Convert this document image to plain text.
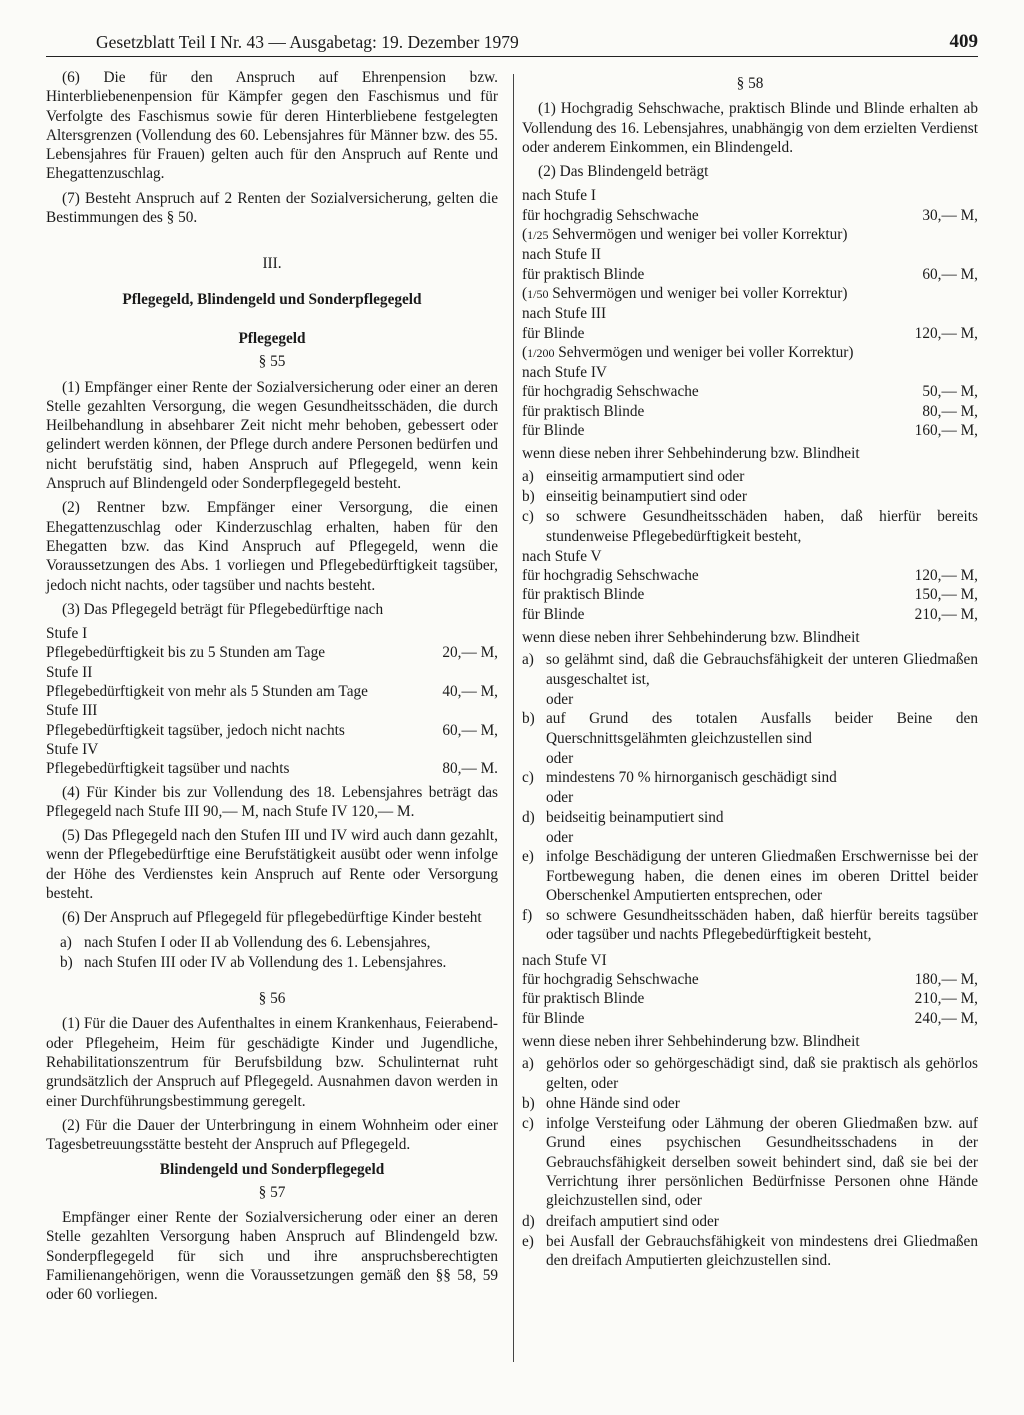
Gesetzblatt Teil I Nr. 43 — Ausgabetag: 19. Dezember 1979	409

(6) Die für den Anspruch auf Ehrenpension bzw. Hinterbliebenenpension für Kämpfer gegen den Faschismus und für Verfolgte des Faschismus sowie für deren Hinterbliebene festgelegten Altersgrenzen (Vollendung des 60. Lebensjahres für Männer bzw. des 55. Lebensjahres für Frauen) gelten auch für den Anspruch auf Rente und Ehegattenzuschlag.

(7) Besteht Anspruch auf 2 Renten der Sozialversicherung, gelten die Bestimmungen des § 50.

III.
Pflegegeld, Blindengeld und Sonderpflegegeld
Pflegegeld
§ 55

(1) Empfänger einer Rente der Sozialversicherung oder einer an deren Stelle gezahlten Versorgung, die wegen Gesundheitsschäden, die durch Heilbehandlung in absehbarer Zeit nicht mehr behoben, gebessert oder gelindert werden können, der Pflege durch andere Personen bedürfen und nicht berufstätig sind, haben Anspruch auf Pflegegeld, wenn kein Anspruch auf Blindengeld oder Sonderpflegegeld besteht.

(2) Rentner bzw. Empfänger einer Versorgung, die einen Ehegattenzuschlag oder Kinderzuschlag erhalten, haben für den Ehegatten bzw. das Kind Anspruch auf Pflegegeld, wenn die Voraussetzungen des Abs. 1 vorliegen und Pflegebedürftigkeit tagsüber, jedoch nicht nachts, oder tagsüber und nachts besteht.

(3) Das Pflegegeld beträgt für Pflegebedürftige nach

Stufe I
Pflegebedürftigkeit bis zu 5 Stunden am Tage	20,— M,
Stufe II
Pflegebedürftigkeit von mehr als 5 Stunden am Tage	40,— M,
Stufe III
Pflegebedürftigkeit tagsüber, jedoch nicht nachts	60,— M,
Stufe IV
Pflegebedürftigkeit tagsüber und nachts	80,— M.

(4) Für Kinder bis zur Vollendung des 18. Lebensjahres beträgt das Pflegegeld nach Stufe III 90,— M, nach Stufe IV 120,— M.

(5) Das Pflegegeld nach den Stufen III und IV wird auch dann gezahlt, wenn der Pflegebedürftige eine Berufstätigkeit ausübt oder wenn infolge der Höhe des Verdienstes kein Anspruch auf Rente oder Versorgung besteht.

(6) Der Anspruch auf Pflegegeld für pflegebedürftige Kinder besteht

a) nach Stufen I oder II ab Vollendung des 6. Lebensjahres,
b) nach Stufen III oder IV ab Vollendung des 1. Lebensjahres.
§ 56

(1) Für die Dauer des Aufenthaltes in einem Krankenhaus, Feierabend- oder Pflegeheim, Heim für geschädigte Kinder und Jugendliche, Rehabilitationszentrum für Berufsbildung bzw. Schulinternat ruht grundsätzlich der Anspruch auf Pflegegeld. Ausnahmen davon werden in einer Durchführungsbestimmung geregelt.

(2) Für die Dauer der Unterbringung in einem Wohnheim oder einer Tagesbetreuungsstätte besteht der Anspruch auf Pflegegeld.

Blindengeld und Sonderpflegegeld
§ 57

Empfänger einer Rente der Sozialversicherung oder einer an deren Stelle gezahlten Versorgung haben Anspruch auf Blindengeld bzw. Sonderpflegegeld für sich und ihre anspruchsberechtigten Familienangehörigen, wenn die Voraussetzungen gemäß den §§ 58, 59 oder 60 vorliegen.

§ 58

(1) Hochgradig Sehschwache, praktisch Blinde und Blinde erhalten ab Vollendung des 16. Lebensjahres, unabhängig von dem erzielten Verdienst oder anderem Einkommen, ein Blindengeld.

(2) Das Blindengeld beträgt

nach Stufe I
für hochgradig Sehschwache	30,— M,
(1/25 Sehvermögen und weniger bei voller Korrektur)
nach Stufe II
für praktisch Blinde	60,— M,
(1/50 Sehvermögen und weniger bei voller Korrektur)
nach Stufe III
für Blinde	120,— M,
(1/200 Sehvermögen und weniger bei voller Korrektur)
nach Stufe IV
für hochgradig Sehschwache	50,— M,
für praktisch Blinde	80,— M,
für Blinde	160,— M,

wenn diese neben ihrer Sehbehinderung bzw. Blindheit

a) einseitig armamputiert sind oder
b) einseitig beinamputiert sind oder
c) so schwere Gesundheitsschäden haben, daß hierfür bereits stundenweise Pflegebedürftigkeit besteht,
nach Stufe V
für hochgradig Sehschwache	120,— M,
für praktisch Blinde	150,— M,
für Blinde	210,— M,

wenn diese neben ihrer Sehbehinderung bzw. Blindheit

a) so gelähmt sind, daß die Gebrauchsfähigkeit der unteren Gliedmaßen ausgeschaltet ist,
oder
b) auf Grund des totalen Ausfalls beider Beine den Querschnittsgelähmten gleichzustellen sind
oder
c) mindestens 70 % hirnorganisch geschädigt sind
oder
d) beidseitig beinamputiert sind
oder
e) infolge Beschädigung der unteren Gliedmaßen Erschwernisse bei der Fortbewegung haben, die denen eines im oberen Drittel beider Oberschenkel Amputierten entsprechen, oder
f) so schwere Gesundheitsschäden haben, daß hierfür bereits tagsüber oder tagsüber und nachts Pflegebedürftigkeit besteht,
nach Stufe VI
für hochgradig Sehschwache	180,— M,
für praktisch Blinde	210,— M,
für Blinde	240,— M,

wenn diese neben ihrer Sehbehinderung bzw. Blindheit

a) gehörlos oder so gehörgeschädigt sind, daß sie praktisch als gehörlos gelten, oder
b) ohne Hände sind oder
c) infolge Versteifung oder Lähmung der oberen Gliedmaßen bzw. auf Grund eines psychischen Gesundheitsschadens in der Gebrauchsfähigkeit derselben soweit behindert sind, daß sie bei der Verrichtung ihrer persönlichen Bedürfnisse Personen ohne Hände gleichzustellen sind, oder
d) dreifach amputiert sind oder
e) bei Ausfall der Gebrauchsfähigkeit von mindestens drei Gliedmaßen den dreifach Amputierten gleichzustellen sind.
